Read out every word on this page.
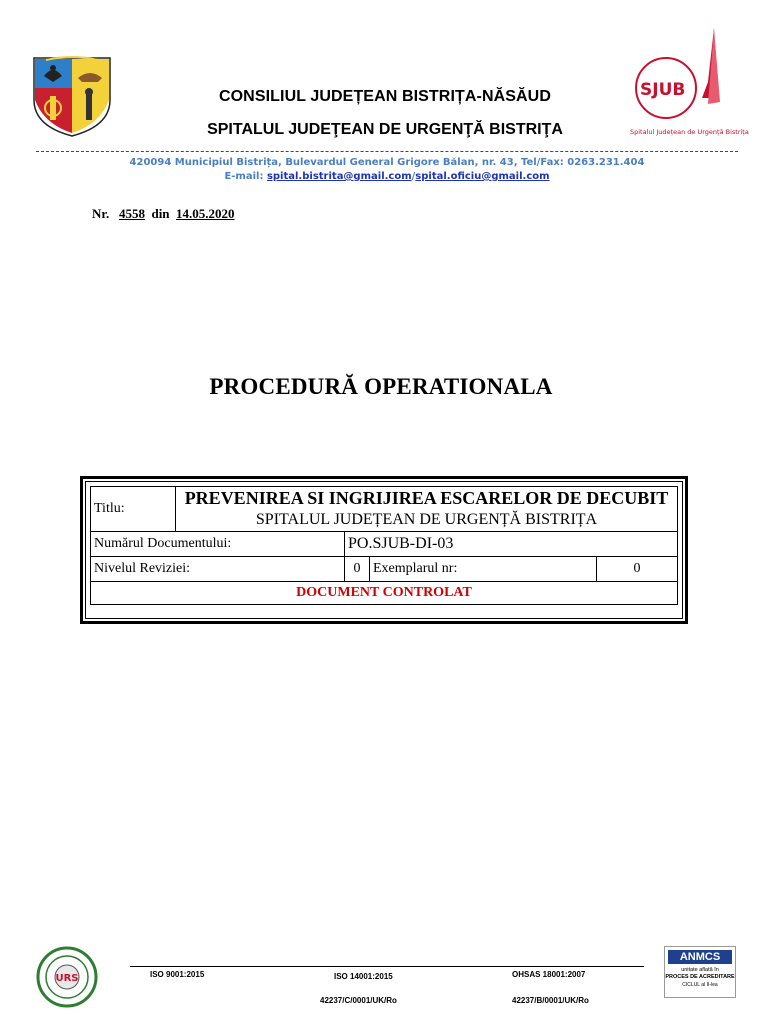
SJUB
Spitalul Județean de Urgență Bistrița
CONSILIUL JUDEȚEAN BISTRIȚA-NĂSĂUD
SPITALUL JUDEŢEAN DE URGENŢĂ BISTRIŢA
420094 Municipiul Bistrița, Bulevardul General Grigore Bălan, nr. 43, Tel/Fax: 0263.231.404
E-mail: spital.bistrita@gmail.com/spital.oficiu@gmail.com
Nr. 4558 din 14.05.2020
PROCEDURĂ OPERATIONALA
Titlu:	PREVENIREA SI INGRIJIREA ESCARELOR DE DECUBIT
SPITALUL JUDEȚEAN DE URGENȚĂ BISTRIȚA			

Numărul Documentului:		PO.SJUB-DI-03		
Nivelul Reviziei:		0	Exemplarul nr:	0
DOCUMENT CONTROLAT				
URS	ISO 9001:2015	ISO 14001:2015	OHSAS 18001:2007
42237/C/0001/UK/Ro	42237/B/0001/UK/Ro
ANMCS
unitate aflată în
PROCES DE ACREDITARE
CICLUL al II-lea
